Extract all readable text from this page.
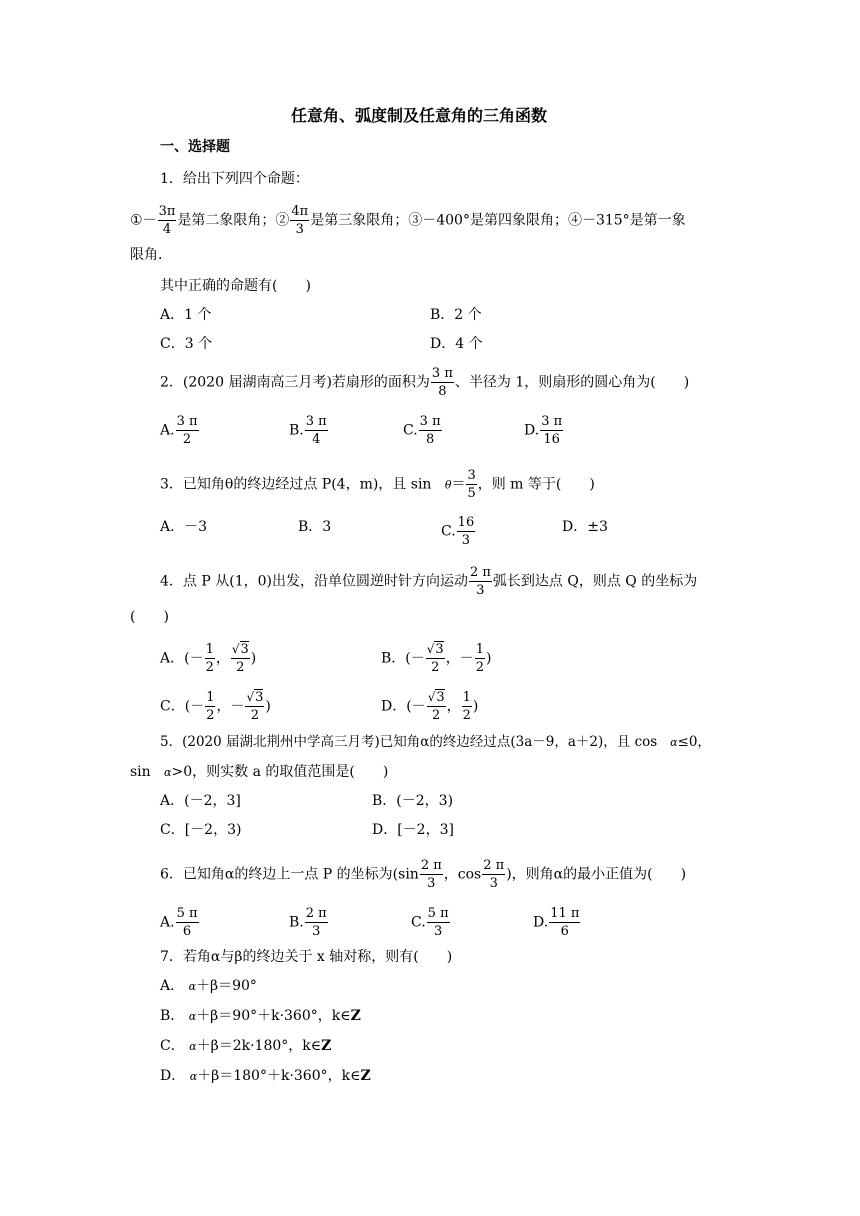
任意角、弧度制及任意角的三角函数
一、选择题
1．给出下列四个命题：
①－ $\frac{3\pi}{4}$ 是第二象限角；② $\frac{4\pi}{3}$ 是第三象限角；③－400°是第四象限角；④－315°是第一象
限角．
其中正确的命题有(　　)
A．1 个	B．2 个
C．3 个	D．4 个
2．(2020 届湖南高三月考)若扇形的面积为 $\frac{3 \pi}{8}$ 、半径为 1，则扇形的圆心角为(　　)
A. $\frac{3 \pi}{2}$	B. $\frac{3 \pi}{4}$	C. $\frac{3 \pi}{8}$	D. $\frac{3 \pi}{16}$
3．已知角θ的终边经过点 P(4，m)，且 $\sin \theta= \frac{3}{5}$ ，则 m 等于(　　)
A．－3	B．3	C. $\frac{16}{3}$	D．±3
4．点 P 从(1，0)出发，沿单位圆逆时针方向运动 $\frac{2 \pi}{3}$ 弧长到达点 Q，则点 Q 的坐标为
(　　)
A．(－ $\frac{1}{2}$ ， $\frac{√3}{2}$ )	B．(－ $\frac{√3}{2}$ ，－ $\frac{1}{2}$ )
C．(－ $\frac{1}{2}$ ，－ $\frac{√3}{2}$ )	D．(－ $\frac{√3}{2}$ ， $\frac{1}{2}$ )
5．(2020 届湖北荆州中学高三月考)已知角α的终边经过点(3a－9，a＋2)，且 cos α≤0，
sin α>0，则实数 a 的取值范围是(　　)
A．(－2，3]	B．(－2，3)
C．[－2，3)	D．[－2，3]
6．已知角α的终边上一点 P 的坐标为($\sin \frac{2 \pi}{3}$ ，$\cos \frac{2 \pi}{3}$ )，则角α的最小正值为(　　)
A. $\frac{5 \pi}{6}$	B. $\frac{2 \pi}{3}$	C. $\frac{5 \pi}{3}$	D. $\frac{11 \pi}{6}$
7．若角α与β的终边关于 x 轴对称，则有(　　)
A． α＋β＝90°
B． α＋β＝90°＋k·360°，k∈Z
C． α＋β＝2k·180°，k∈Z
D． α＋β＝180°＋k·360°，k∈Z
